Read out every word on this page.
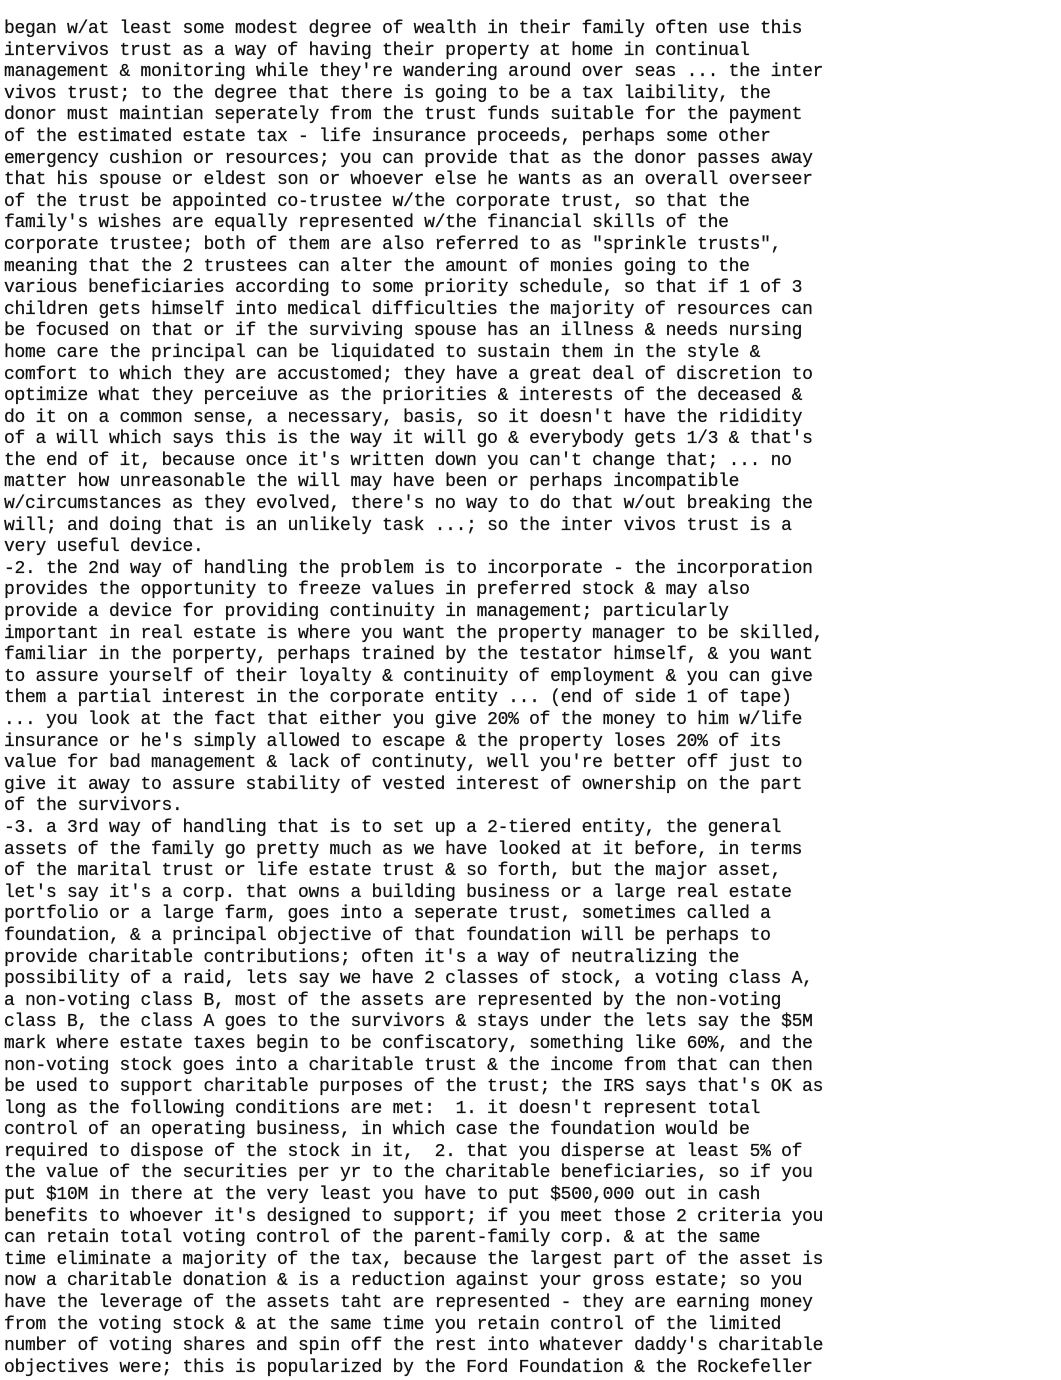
began w/at least some modest degree of wealth in their family often use this
intervivos trust as a way of having their property at home in continual
management & monitoring while they're wandering around over seas ... the inter
vivos trust; to the degree that there is going to be a tax laibility, the
donor must maintian seperately from the trust funds suitable for the payment
of the estimated estate tax - life insurance proceeds, perhaps some other
emergency cushion or resources; you can provide that as the donor passes away
that his spouse or eldest son or whoever else he wants as an overall overseer
of the trust be appointed co-trustee w/the corporate trust, so that the
family's wishes are equally represented w/the financial skills of the
corporate trustee; both of them are also referred to as "sprinkle trusts",
meaning that the 2 trustees can alter the amount of monies going to the
various beneficiaries according to some priority schedule, so that if 1 of 3
children gets himself into medical difficulties the majority of resources can
be focused on that or if the surviving spouse has an illness & needs nursing
home care the principal can be liquidated to sustain them in the style &
comfort to which they are accustomed; they have a great deal of discretion to
optimize what they perceiuve as the priorities & interests of the deceased &
do it on a common sense, a necessary, basis, so it doesn't have the rididity
of a will which says this is the way it will go & everybody gets 1/3 & that's
the end of it, because once it's written down you can't change that; ... no
matter how unreasonable the will may have been or perhaps incompatible
w/circumstances as they evolved, there's no way to do that w/out breaking the
will; and doing that is an unlikely task ...; so the inter vivos trust is a
very useful device.
-2. the 2nd way of handling the problem is to incorporate - the incorporation
provides the opportunity to freeze values in preferred stock & may also
provide a device for providing continuity in management; particularly
important in real estate is where you want the property manager to be skilled,
familiar in the porperty, perhaps trained by the testator himself, & you want
to assure yourself of their loyalty & continuity of employment & you can give
them a partial interest in the corporate entity ... (end of side 1 of tape)
... you look at the fact that either you give 20% of the money to him w/life
insurance or he's simply allowed to escape & the property loses 20% of its
value for bad management & lack of continuty, well you're better off just to
give it away to assure stability of vested interest of ownership on the part
of the survivors.
-3. a 3rd way of handling that is to set up a 2-tiered entity, the general
assets of the family go pretty much as we have looked at it before, in terms
of the marital trust or life estate trust & so forth, but the major asset,
let's say it's a corp. that owns a building business or a large real estate
portfolio or a large farm, goes into a seperate trust, sometimes called a
foundation, & a principal objective of that foundation will be perhaps to
provide charitable contributions; often it's a way of neutralizing the
possibility of a raid, lets say we have 2 classes of stock, a voting class A,
a non-voting class B, most of the assets are represented by the non-voting
class B, the class A goes to the survivors & stays under the lets say the $5M
mark where estate taxes begin to be confiscatory, something like 60%, and the
non-voting stock goes into a charitable trust & the income from that can then
be used to support charitable purposes of the trust; the IRS says that's OK as
long as the following conditions are met:  1. it doesn't represent total
control of an operating business, in which case the foundation would be
required to dispose of the stock in it,  2. that you disperse at least 5% of
the value of the securities per yr to the charitable beneficiaries, so if you
put $10M in there at the very least you have to put $500,000 out in cash
benefits to whoever it's designed to support; if you meet those 2 criteria you
can retain total voting control of the parent-family corp. & at the same
time eliminate a majority of the tax, because the largest part of the asset is
now a charitable donation & is a reduction against your gross estate; so you
have the leverage of the assets taht are represented - they are earning money
from the voting stock & at the same time you retain control of the limited
number of voting shares and spin off the rest into whatever daddy's charitable
objectives were; this is popularized by the Ford Foundation & the Rockefeller
